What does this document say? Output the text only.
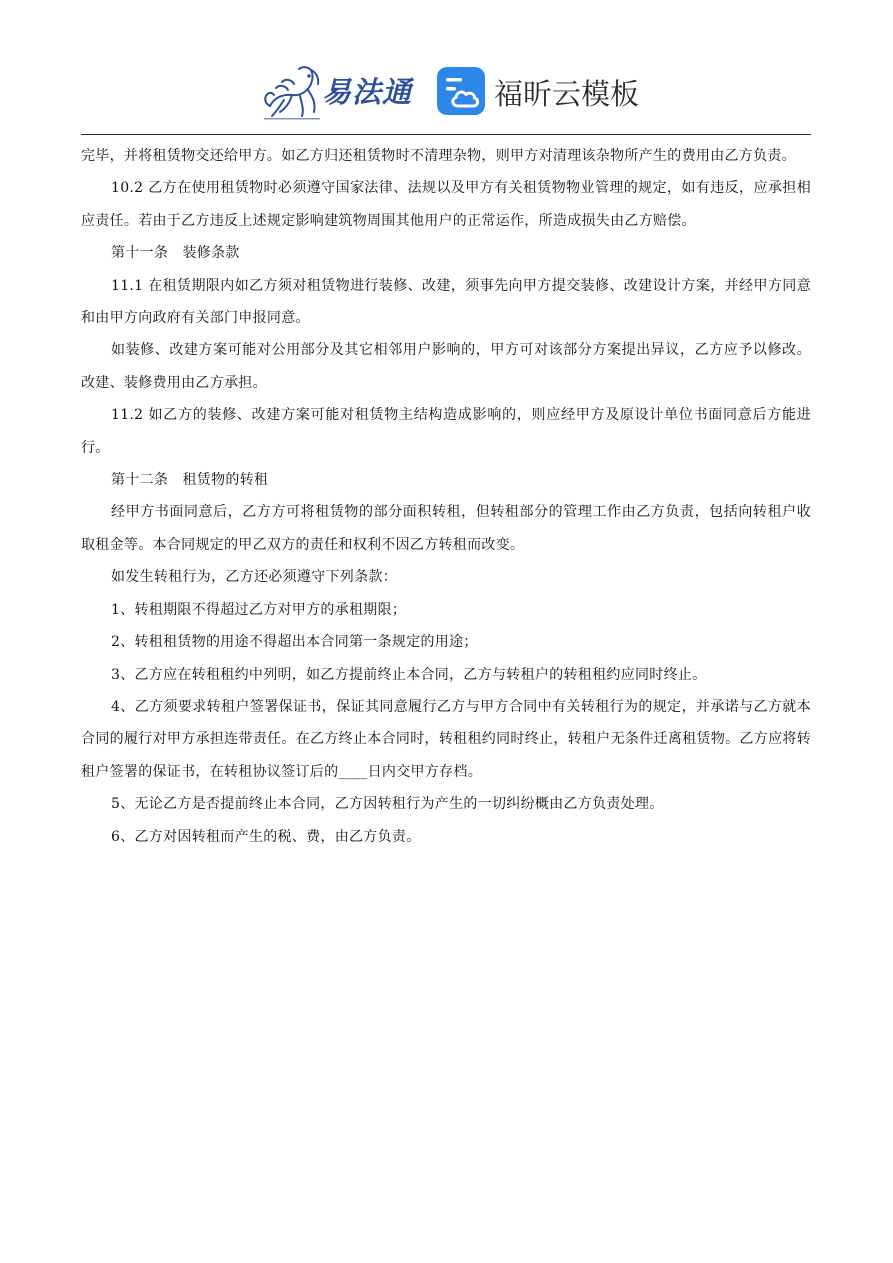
易法通	福昕云模板

完毕，并将租赁物交还给甲方。如乙方归还租赁物时不清理杂物，则甲方对清理该杂物所产生的费用由乙方负责。

10.2 乙方在使用租赁物时必须遵守国家法律、法规以及甲方有关租赁物物业管理的规定，如有违反，应承担相应责任。若由于乙方违反上述规定影响建筑物周围其他用户的正常运作，所造成损失由乙方赔偿。

第十一条　装修条款

11.1 在租赁期限内如乙方须对租赁物进行装修、改建，须事先向甲方提交装修、改建设计方案，并经甲方同意和由甲方向政府有关部门申报同意。

如装修、改建方案可能对公用部分及其它相邻用户影响的，甲方可对该部分方案提出异议，乙方应予以修改。改建、装修费用由乙方承担。

11.2 如乙方的装修、改建方案可能对租赁物主结构造成影响的，则应经甲方及原设计单位书面同意后方能进行。

第十二条　租赁物的转租

经甲方书面同意后，乙方方可将租赁物的部分面积转租，但转租部分的管理工作由乙方负责，包括向转租户收取租金等。本合同规定的甲乙双方的责任和权利不因乙方转租而改变。

如发生转租行为，乙方还必须遵守下列条款：

1、转租期限不得超过乙方对甲方的承租期限；

2、转租租赁物的用途不得超出本合同第一条规定的用途；

3、乙方应在转租租约中列明，如乙方提前终止本合同，乙方与转租户的转租租约应同时终止。

4、乙方须要求转租户签署保证书，保证其同意履行乙方与甲方合同中有关转租行为的规定，并承诺与乙方就本合同的履行对甲方承担连带责任。在乙方终止本合同时，转租租约同时终止，转租户无条件迁离租赁物。乙方应将转租户签署的保证书，在转租协议签订后的____日内交甲方存档。

5、无论乙方是否提前终止本合同，乙方因转租行为产生的一切纠纷概由乙方负责处理。

6、乙方对因转租而产生的税、费，由乙方负责。
